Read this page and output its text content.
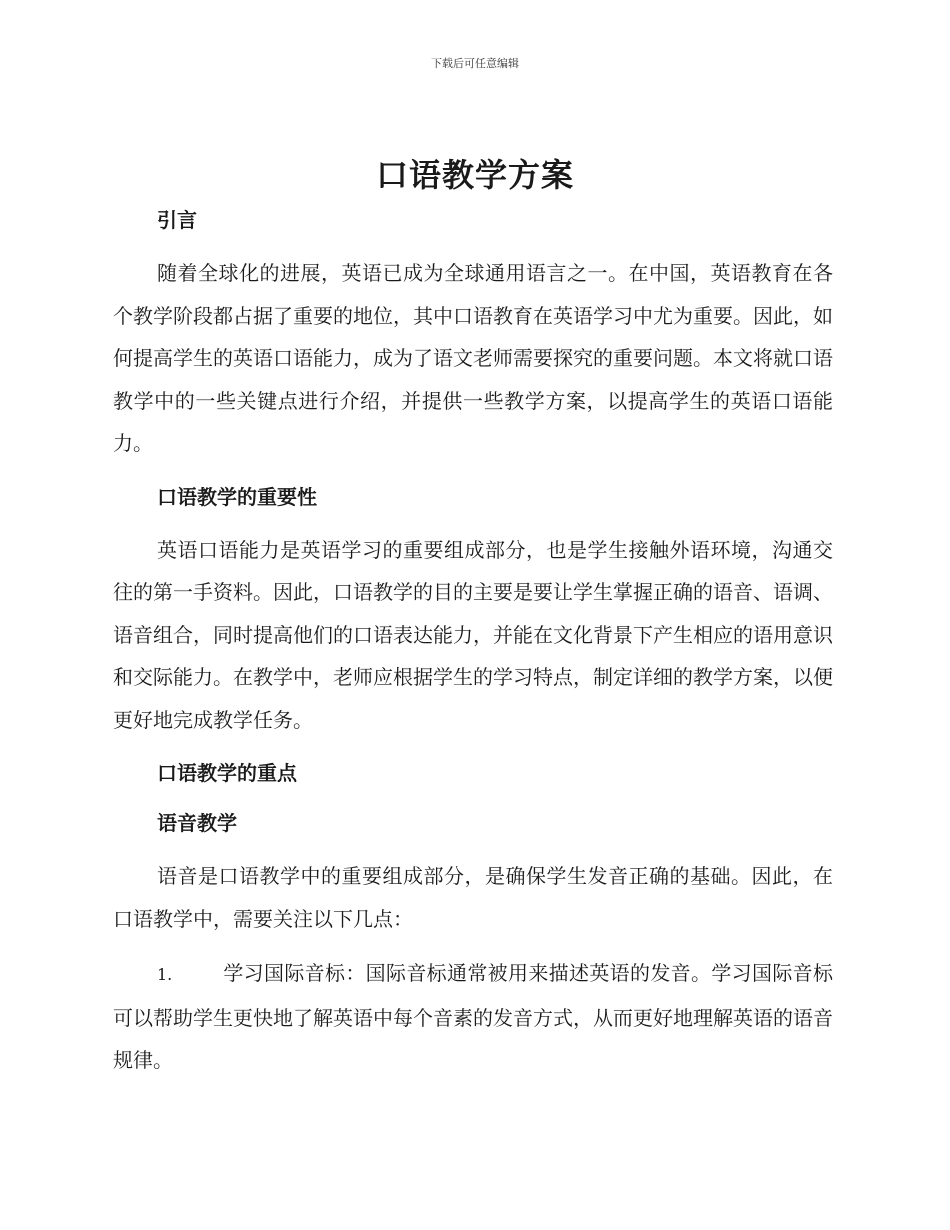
下载后可任意编辑
口语教学方案

引言

随着全球化的进展，英语已成为全球通用语言之一。在中国，英语教育在各个教学阶段都占据了重要的地位，其中口语教育在英语学习中尤为重要。因此，如何提高学生的英语口语能力，成为了语文老师需要探究的重要问题。本文将就口语教学中的一些关键点进行介绍，并提供一些教学方案，以提高学生的英语口语能力。

口语教学的重要性

英语口语能力是英语学习的重要组成部分，也是学生接触外语环境，沟通交往的第一手资料。因此，口语教学的目的主要是要让学生掌握正确的语音、语调、语音组合，同时提高他们的口语表达能力，并能在文化背景下产生相应的语用意识和交际能力。在教学中，老师应根据学生的学习特点，制定详细的教学方案，以便更好地完成教学任务。

口语教学的重点

语音教学

语音是口语教学中的重要组成部分，是确保学生发音正确的基础。因此，在口语教学中，需要关注以下几点：

1.	学习国际音标：国际音标通常被用来描述英语的发音。学习国际音标可以帮助学生更快地了解英语中每个音素的发音方式，从而更好地理解英语的语音规律。
